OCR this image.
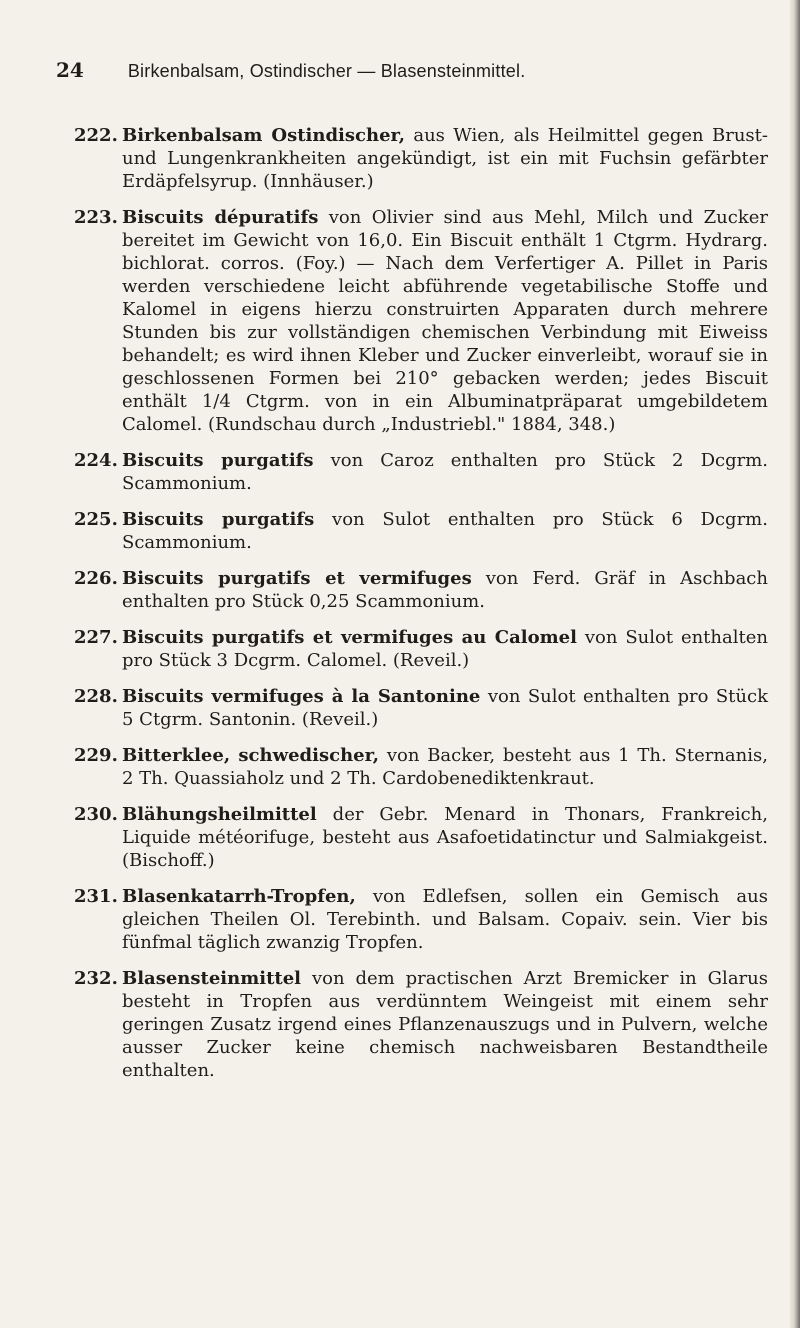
24 Birkenbalsam, Ostindischer — Blasensteinmittel.
222. Birkenbalsam Ostindischer, aus Wien, als Heilmittel gegen Brust- und Lungenkrankheiten angekündigt, ist ein mit Fuchsin gefärbter Erdäpfelsyrup. (Innhäuser.)
223. Biscuits dépuratifs von Olivier sind aus Mehl, Milch und Zucker bereitet im Gewicht von 16,0. Ein Biscuit enthält 1 Ctgrm. Hydrarg. bichlorat. corros. (Foy.) — Nach dem Verfertiger A. Pillet in Paris werden verschiedene leicht abführende vegetabilische Stoffe und Kalomel in eigens hierzu construirten Apparaten durch mehrere Stunden bis zur vollständigen chemischen Verbindung mit Eiweiss behandelt; es wird ihnen Kleber und Zucker einverleibt, worauf sie in geschlossenen Formen bei 210° gebacken werden; jedes Biscuit enthält 1/4 Ctgrm. von in ein Albuminatpräparat umgebildetem Calomel. (Rundschau durch „Industriebl." 1884, 348.)
224. Biscuits purgatifs von Caroz enthalten pro Stück 2 Dcgrm. Scammonium.
225. Biscuits purgatifs von Sulot enthalten pro Stück 6 Dcgrm. Scammonium.
226. Biscuits purgatifs et vermifuges von Ferd. Gräf in Aschbach enthalten pro Stück 0,25 Scammonium.
227. Biscuits purgatifs et vermifuges au Calomel von Sulot enthalten pro Stück 3 Dcgrm. Calomel. (Reveil.)
228. Biscuits vermifuges à la Santonine von Sulot enthalten pro Stück 5 Ctgrm. Santonin. (Reveil.)
229. Bitterklee, schwedischer, von Backer, besteht aus 1 Th. Sternanis, 2 Th. Quassiaholz und 2 Th. Cardobenediktenkraut.
230. Blähungsheilmittel der Gebr. Menard in Thonars, Frankreich, Liquide météorifuge, besteht aus Asafoetidatinctur und Salmiakgeist. (Bischoff.)
231. Blasenkatarrh-Tropfen, von Edlefsen, sollen ein Gemisch aus gleichen Theilen Ol. Terebinth. und Balsam. Copaiv. sein. Vier bis fünfmal täglich zwanzig Tropfen.
232. Blasensteinmittel von dem practischen Arzt Bremicker in Glarus besteht in Tropfen aus verdünntem Weingeist mit einem sehr geringen Zusatz irgend eines Pflanzenauszugs und in Pulvern, welche ausser Zucker keine chemisch nachweisbaren Bestandtheile enthalten.
